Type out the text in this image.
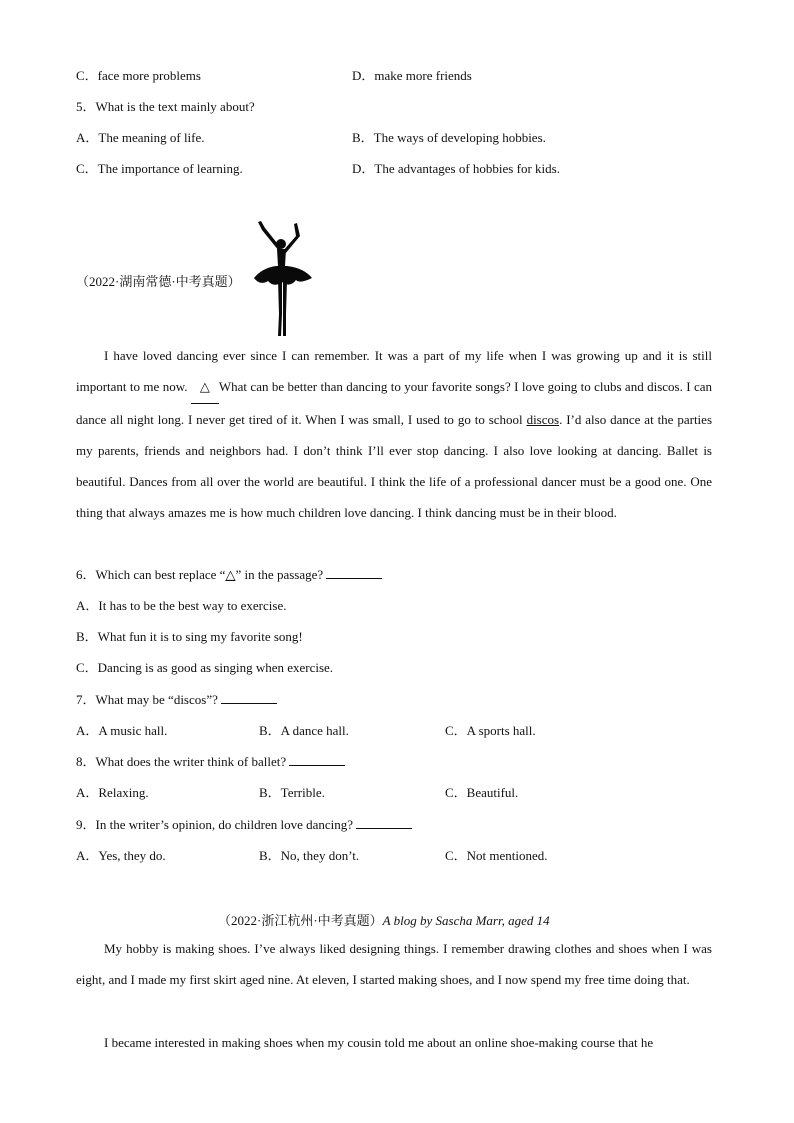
C．face more problems	D．make more friends
5．What is the text mainly about?
A．The meaning of life.	B．The ways of developing hobbies.
C．The importance of learning.	D．The advantages of hobbies for kids.
（2022·湖南常德·中考真题）
I have loved dancing ever since I can remember. It was a part of my life when I was growing up and it is still important to me now. △ What can be better than dancing to your favorite songs? I love going to clubs and discos. I can dance all night long. I never get tired of it. When I was small, I used to go to school discos. I’d also dance at the parties my parents, friends and neighbors had. I don’t think I’ll ever stop dancing. I also love looking at dancing. Ballet is beautiful. Dances from all over the world are beautiful. I think the life of a professional dancer must be a good one. One thing that always amazes me is how much children love dancing. I think dancing must be in their blood.
6．Which can best replace “△” in the passage?
A．It has to be the best way to exercise.
B．What fun it is to sing my favorite song!
C．Dancing is as good as singing when exercise.
7．What may be “discos”?
A．A music hall.	B．A dance hall.	C．A sports hall.
8．What does the writer think of ballet?
A．Relaxing.	B．Terrible.	C．Beautiful.
9．In the writer’s opinion, do children love dancing?
A．Yes, they do.	B．No, they don’t.	C．Not mentioned.
（2022·浙江杭州·中考真题）A blog by Sascha Marr, aged 14
My hobby is making shoes. I’ve always liked designing things. I remember drawing clothes and shoes when I was eight, and I made my first skirt aged nine. At eleven, I started making shoes, and I now spend my free time doing that.
I became interested in making shoes when my cousin told me about an online shoe-making course that he
